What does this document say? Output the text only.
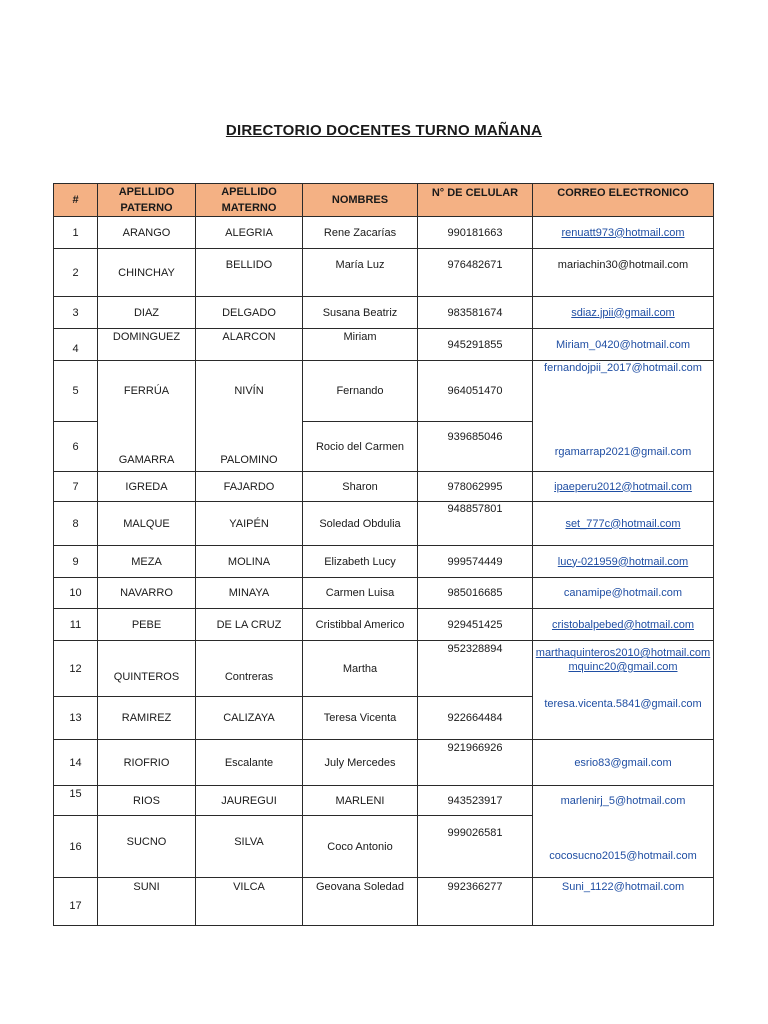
DIRECTORIO DOCENTES TURNO MAÑANA
#	APELLIDO PATERNO	APELLIDO MATERNO	NOMBRES	N° DE CELULAR	CORREO ELECTRONICO
1	ARANGO	ALEGRIA	Rene Zacarías	990181663	renuatt973@hotmail.com
2	CHINCHAY	BELLIDO	María Luz	976482671	mariachin30@hotmail.com
3	DIAZ	DELGADO	Susana Beatriz	983581674	sdiaz.jpii@gmail.com
4	DOMINGUEZ	ALARCON	Miriam	945291855	Miriam_0420@hotmail.com
5	FERRÚA	NIVÍN	Fernando	964051470	fernandojpii_2017@hotmail.com
6	GAMARRA	PALOMINO	Rocio del Carmen	939685046	rgamarrap2021@gmail.com
7	IGREDA	FAJARDO	Sharon	978062995	ipaeperu2012@hotmail.com
8	MALQUE	YAIPÉN	Soledad Obdulia	948857801	set_777c@hotmail.com
9	MEZA	MOLINA	Elizabeth Lucy	999574449	lucy-021959@hotmail.com
10	NAVARRO	MINAYA	Carmen Luisa	985016685	canamipe@hotmail.com
11	PEBE	DE LA CRUZ	Cristibbal Americo	929451425	cristobalpebed@hotmail.com
12	QUINTEROS	Contreras	Martha	952328894	marthaquinteros2010@hotmail.com
mquinc20@gmail.com
13	RAMIREZ	CALIZAYA	Teresa Vicenta	922664484	teresa.vicenta.5841@gmail.com
14	RIOFRIO	Escalante	July Mercedes	921966926	esrio83@gmail.com
15	RIOS	JAUREGUI	MARLENI	943523917	marlenirj_5@hotmail.com
16	SUCNO	SILVA	Coco Antonio	999026581	cocosucno2015@hotmail.com
17	SUNI	VILCA	Geovana Soledad	992366277	Suni_1122@hotmail.com
